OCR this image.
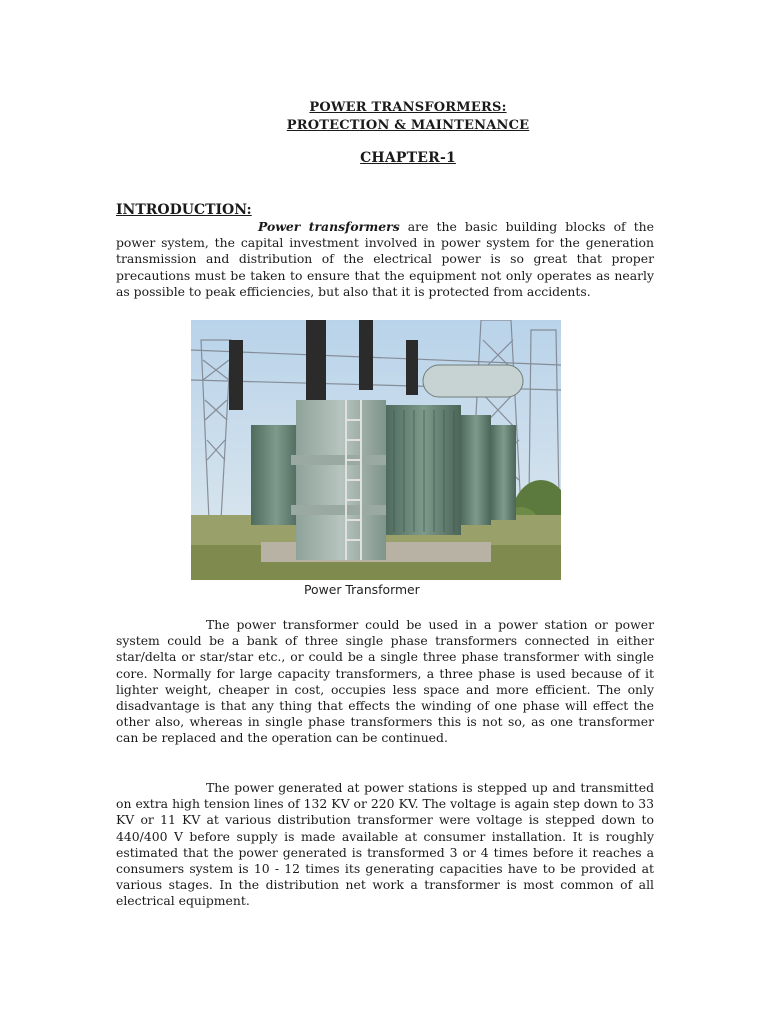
POWER TRANSFORMERS:
PROTECTION & MAINTENANCE
CHAPTER-1
INTRODUCTION:

Power transformers are the basic building blocks of the power system, the capital investment involved in power system for the generation transmission and distribution of the electrical power is so great that proper precautions must be taken to ensure that the equipment not only operates as nearly as possible to peak efficiencies, but also that it is protected from accidents.

Power Transformer

The power transformer could be used in a power station or power system could be a bank of three single phase transformers connected in either star/delta or star/star etc., or could be a single three phase transformer with single core. Normally for large capacity transformers, a three phase is used because of it lighter weight, cheaper in cost, occupies less space and more efficient. The only disadvantage is that any thing that effects the winding of one phase will effect the other also, whereas in single phase transformers this is not so, as one transformer can be replaced and the operation can be continued.

The power generated at power stations is stepped up and transmitted on extra high tension lines of 132 KV or 220 KV. The voltage is again step down to 33 KV or 11 KV at various distribution transformer were voltage is stepped down to 440/400 V before supply is made available at consumer installation. It is roughly estimated that the power generated is transformed 3 or 4 times before it reaches a consumers system is 10 - 12 times its generating capacities have to be provided at various stages. In the distribution net work a transformer is most common of all electrical equipment.
